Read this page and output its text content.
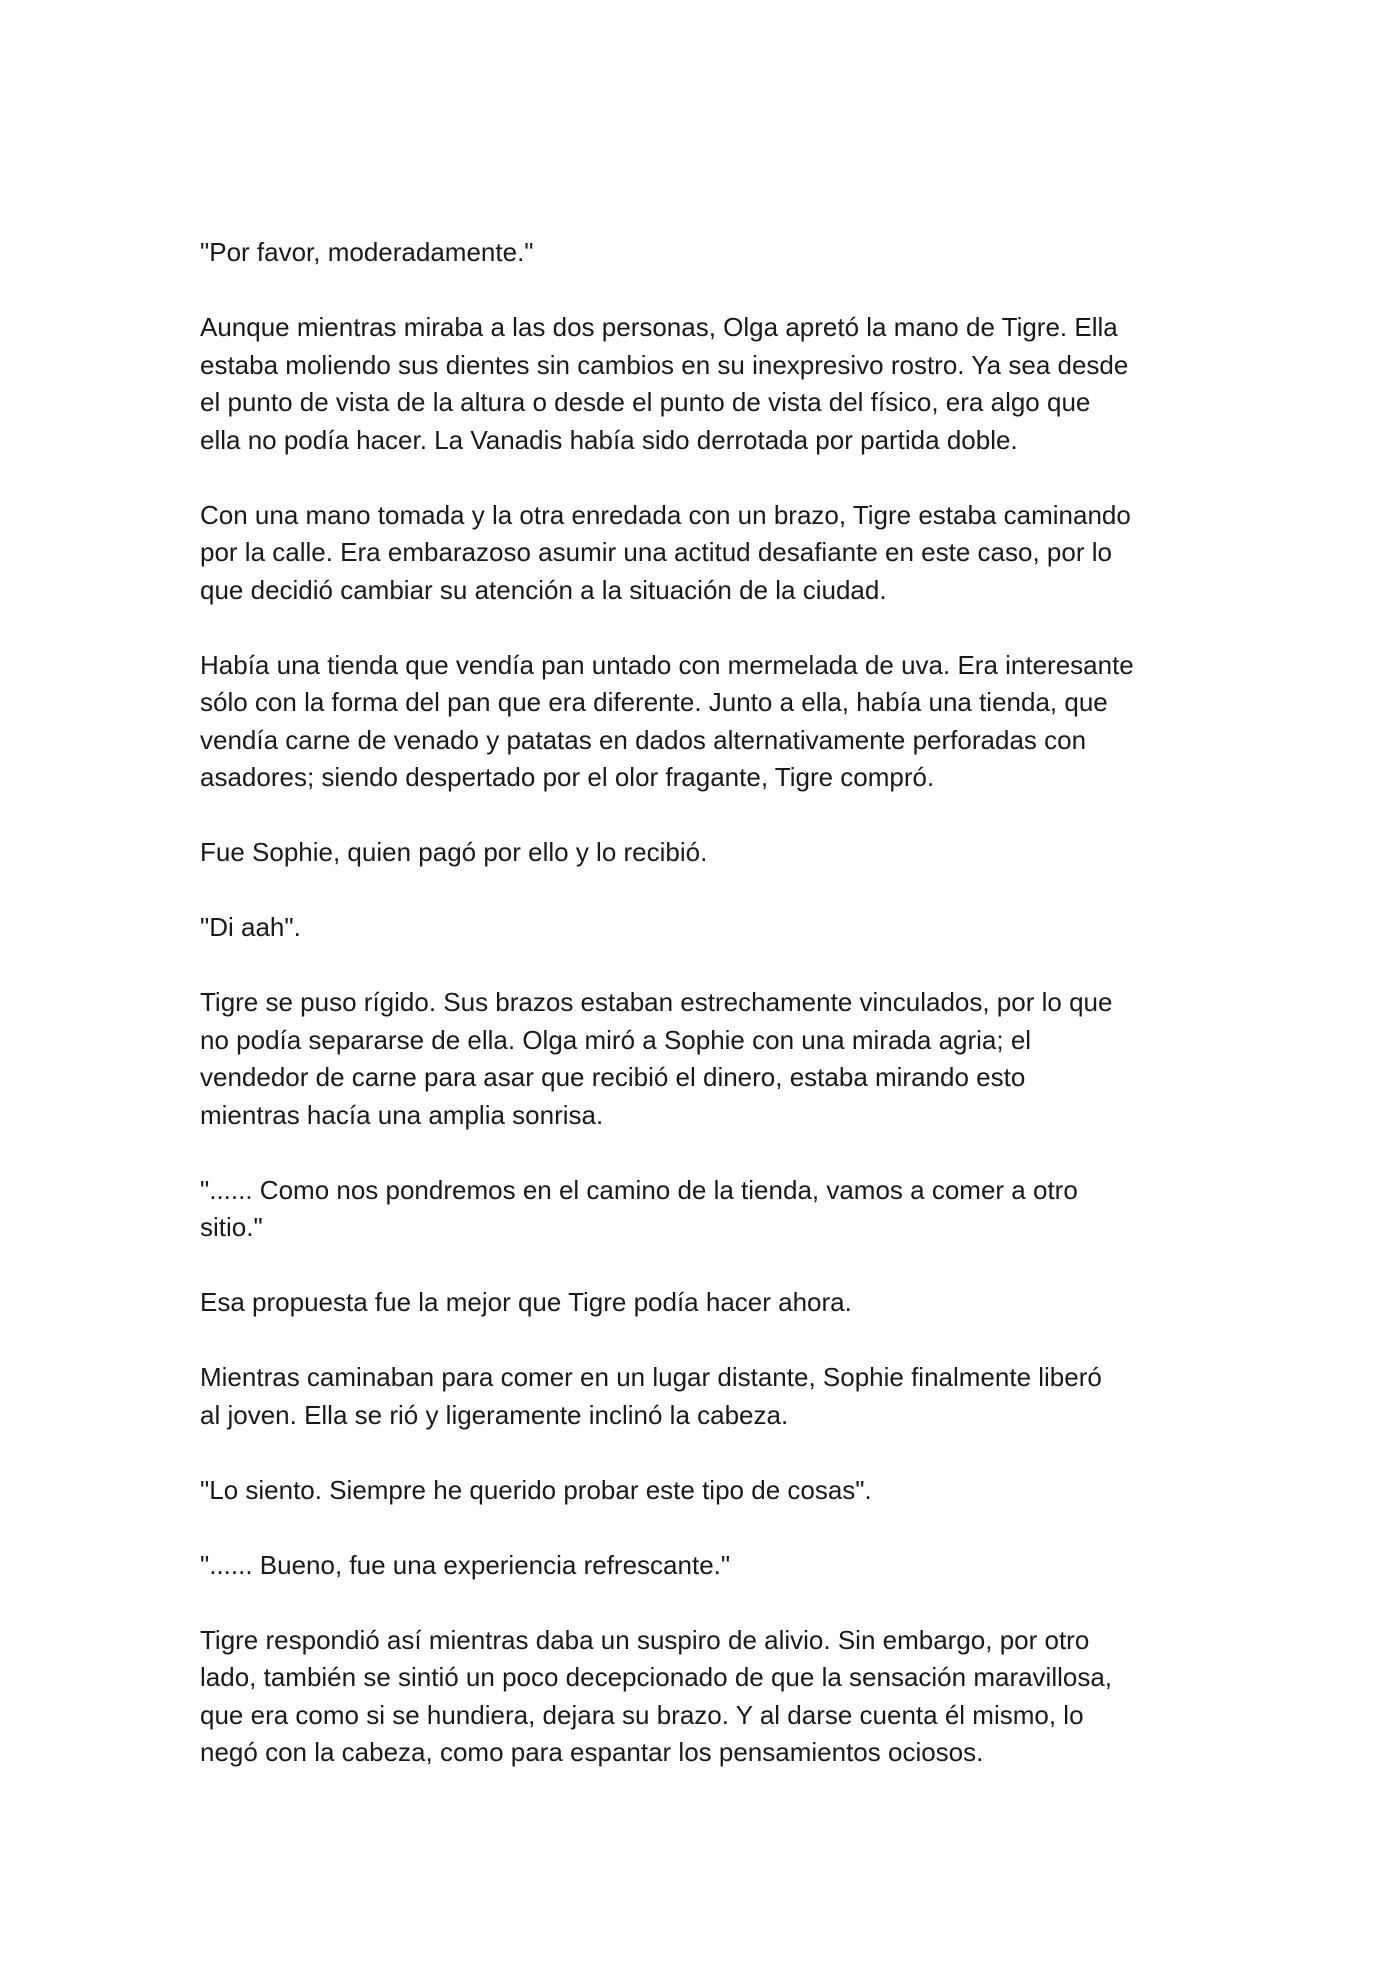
"Por favor, moderadamente."

Aunque mientras miraba a las dos personas, Olga apretó la mano de Tigre. Ella
estaba moliendo sus dientes sin cambios en su inexpresivo rostro. Ya sea desde
el punto de vista de la altura o desde el punto de vista del físico, era algo que
ella no podía hacer. La Vanadis había sido derrotada por partida doble.

Con una mano tomada y la otra enredada con un brazo, Tigre estaba caminando
por la calle. Era embarazoso asumir una actitud desafiante en este caso, por lo
que decidió cambiar su atención a la situación de la ciudad.

Había una tienda que vendía pan untado con mermelada de uva. Era interesante
sólo con la forma del pan que era diferente. Junto a ella, había una tienda, que
vendía carne de venado y patatas en dados alternativamente perforadas con
asadores; siendo despertado por el olor fragante, Tigre compró.

Fue Sophie, quien pagó por ello y lo recibió.

"Di aah".

Tigre se puso rígido. Sus brazos estaban estrechamente vinculados, por lo que
no podía separarse de ella. Olga miró a Sophie con una mirada agria; el
vendedor de carne para asar que recibió el dinero, estaba mirando esto
mientras hacía una amplia sonrisa.

"...... Como nos pondremos en el camino de la tienda, vamos a comer a otro
sitio."

Esa propuesta fue la mejor que Tigre podía hacer ahora.

Mientras caminaban para comer en un lugar distante, Sophie finalmente liberó
al joven. Ella se rió y ligeramente inclinó la cabeza.

"Lo siento. Siempre he querido probar este tipo de cosas".

"...... Bueno, fue una experiencia refrescante."

Tigre respondió así mientras daba un suspiro de alivio. Sin embargo, por otro
lado, también se sintió un poco decepcionado de que la sensación maravillosa,
que era como si se hundiera, dejara su brazo. Y al darse cuenta él mismo, lo
negó con la cabeza, como para espantar los pensamientos ociosos.
